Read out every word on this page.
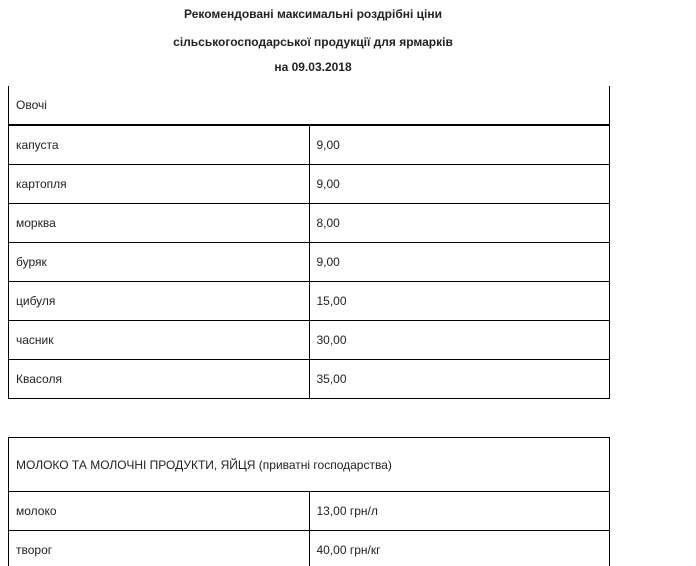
Рекомендовані максимальні роздрібні ціни
сільськогосподарської продукції для ярмарків
на 09.03.2018
Овочі	
капуста	9,00
картопля	9,00
морква	8,00
буряк	9,00
цибуля	15,00
часник	30,00
Квасоля	35,00
МОЛОКО ТА МОЛОЧНІ ПРОДУКТИ, ЯЙЦЯ (приватні господарства)	
молоко	13,00 грн/л
творог	40,00 грн/кг
